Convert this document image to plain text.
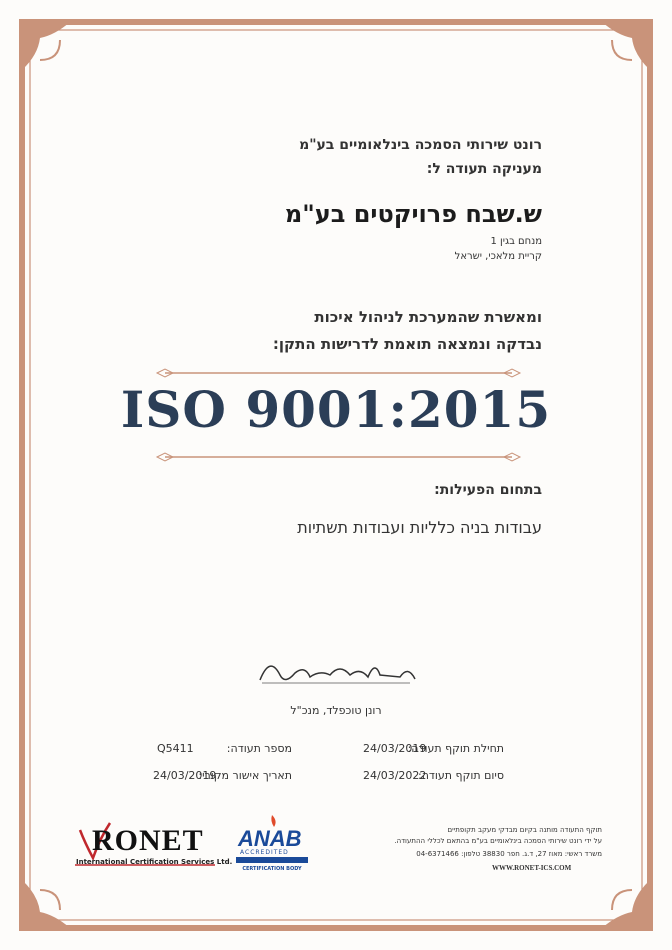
רונט שירותי הסמכה בינלאומיים בע"מ
מעניקה תעודה ל:
ש.שבח פרויקטים בע"מ
מנחם בגין 1
קריית מלאכי, ישראל
ומאשרת שהמערכת לניהול איכות
נבדקה ונמצאה תואמת לדרישות התקן:
ISO 9001:2015
בתחום הפעילות:
עבודות בניה כלליות ועבודות תשתיות
רונן טוכפלד, מנכ"ל
תחילת תוקף תעודה:
24/03/2019
מספר תעודה:
Q5411
סיום תוקף תעודה:
24/03/2022
תאריך אישור מקורי:
24/03/2019
RONET
International Certification Services Ltd.
ANAB
ACCREDITED
MANAGEMENT SYSTEMS
CERTIFICATION BODY
תוקף התעודה מותנה בקיום מבדקי מעקב תקופתיים
על ידי רונט שירותי הסמכה בינלאומיים בע"מ בהתאם לכללי ההתעודה.
משרד ראשי: מאוז 27, ד.ג. חפר 38830 טלפון: 04-6371466
WWW.RONET-ICS.COM
